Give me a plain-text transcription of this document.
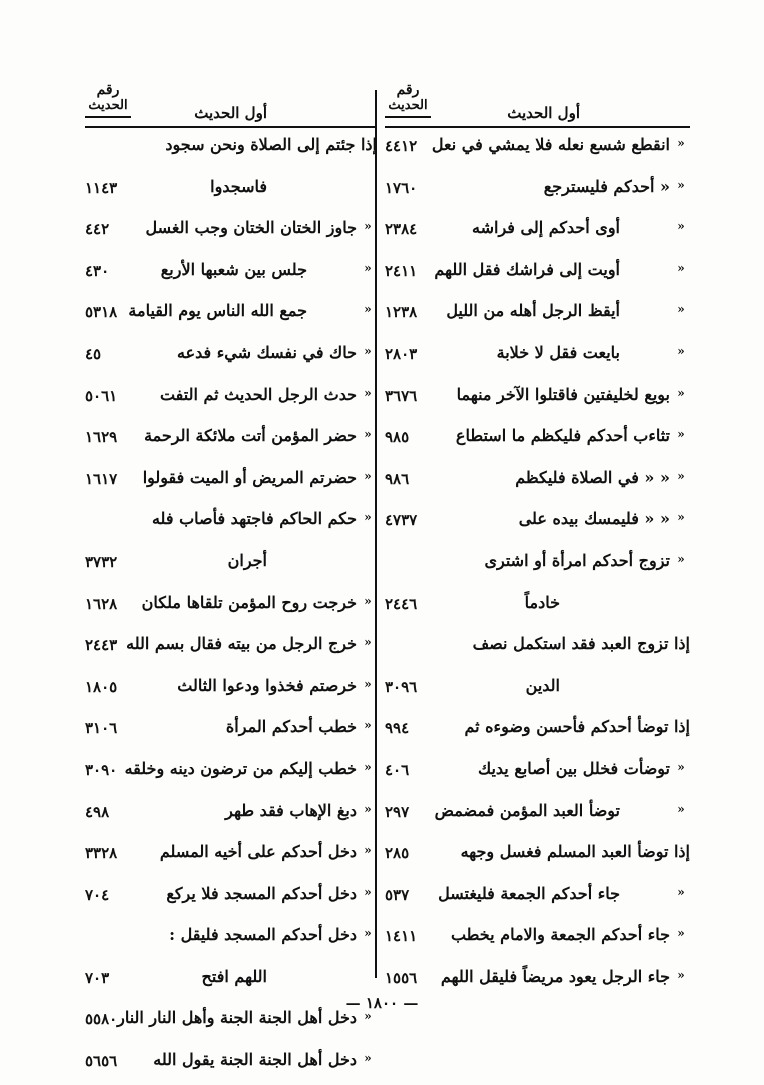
أول الحديث
رقم
الحديث
«
انقطع شسع نعله فلا يمشي في نعل
٤٤١٢
«
« أحدكم فليسترجع
١٧٦٠
«
أوى أحدكم إلى فراشه
٢٣٨٤
«
أويت إلى فراشك فقل اللهم
٢٤١١
«
أيقظ الرجل أهله من الليل
١٢٣٨
«
بايعت فقل لا خلابة
٢٨٠٣
«
بويع لخليفتين فاقتلوا الآخر منهما
٣٦٧٦
«
تثاءب أحدكم فليكظم ما استطاع
٩٨٥
«
« « في الصلاة فليكظم
٩٨٦
«
« « فليمسك بيده على
٤٧٣٧
«
تزوج أحدكم امرأة أو اشترى
خادماً
٢٤٤٦
إذا تزوج العبد فقد استكمل نصف
الدين
٣٠٩٦
إذا توضأ أحدكم فأحسن وضوءه ثم
٩٩٤
«
توضأت فخلل بين أصابع يديك
٤٠٦
«
توضأ العبد المؤمن فمضمض
٢٩٧
إذا توضأ العبد المسلم فغسل وجهه
٢٨٥
«
جاء أحدكم الجمعة فليغتسل
٥٣٧
«
جاء أحدكم الجمعة والامام يخطب
١٤١١
«
جاء الرجل يعود مريضاً فليقل اللهم
١٥٥٦
أول الحديث
رقم
الحديث
إذا جئتم إلى الصلاة ونحن سجود
فاسجدوا
١١٤٣
«
جاوز الختان الختان وجب الغسل
٤٤٢
«
جلس بين شعبها الأربع
٤٣٠
«
جمع الله الناس يوم القيامة
٥٣١٨
«
حاك في نفسك شيء فدعه
٤٥
«
حدث الرجل الحديث ثم التفت
٥٠٦١
«
حضر المؤمن أتت ملائكة الرحمة
١٦٢٩
«
حضرتم المريض أو الميت فقولوا
١٦١٧
«
حكم الحاكم فاجتهد فأصاب فله
أجران
٣٧٣٢
«
خرجت روح المؤمن تلقاها ملكان
١٦٢٨
«
خرج الرجل من بيته فقال بسم الله
٢٤٤٣
«
خرصتم فخذوا ودعوا الثالث
١٨٠٥
«
خطب أحدكم المرأة
٣١٠٦
«
خطب إليكم من ترضون دينه وخلقه
٣٠٩٠
«
دبغ الإهاب فقد طهر
٤٩٨
«
دخل أحدكم على أخيه المسلم
٣٣٢٨
«
دخل أحدكم المسجد فلا يركع
٧٠٤
«
دخل أحدكم المسجد فليقل :
اللهم افتح
٧٠٣
«
دخل أهل الجنة الجنة وأهل النار النار
٥٥٨٠
«
دخل أهل الجنة الجنة يقول الله
٥٦٥٦
— ١٨٠٠ —
